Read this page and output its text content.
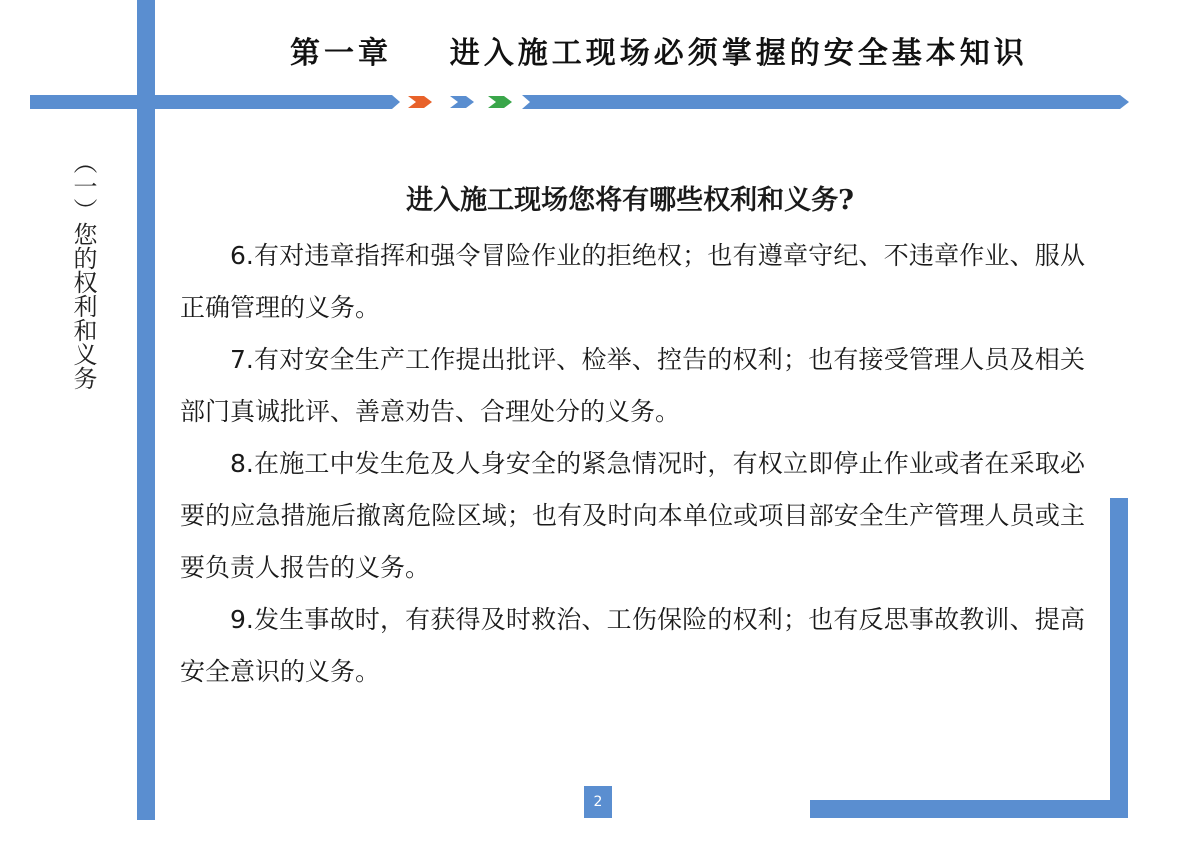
第一章    进入施工现场必须掌握的安全基本知识
（一）您的权利和义务	进入施工现场您将有哪些权利和义务?

6.有对违章指挥和强令冒险作业的拒绝权；也有遵章守纪、不违章作业、服从正确管理的义务。

7.有对安全生产工作提出批评、检举、控告的权利；也有接受管理人员及相关部门真诚批评、善意劝告、合理处分的义务。

8.在施工中发生危及人身安全的紧急情况时，有权立即停止作业或者在采取必要的应急措施后撤离危险区域；也有及时向本单位或项目部安全生产管理人员或主要负责人报告的义务。

9.发生事故时，有获得及时救治、工伤保险的权利；也有反思事故教训、提高安全意识的义务。

2
